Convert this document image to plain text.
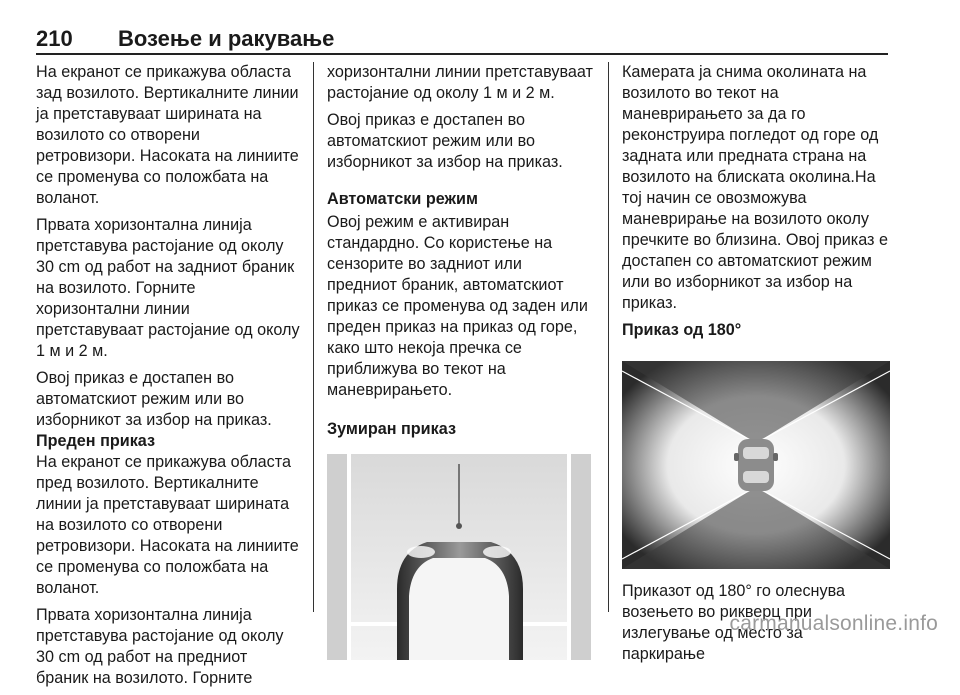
210 Возење и ракување

На екранот се прикажува областа зад возилото. Вертикалните линии ја претставуваат ширината на возилото со отворени ретровизори. Насоката на линиите се променува со положбата на воланот.

Првата хоризонтална линија претставува растојание од околу 30 cm од работ на задниот браник на возилото. Горните хоризонтални линии претставуваат растојание од околу 1 м и 2 м.

Овој приказ е достапен во автоматскиот режим или во изборникот за избор на приказ.

Преден приказ

На екранот се прикажува областа пред возилото. Вертикалните линии ја претставуваат ширината на возилото со отворени ретровизори. Насоката на линиите се променува со положбата на воланот.

Првата хоризонтална линија претставува растојание од околу 30 cm од работ на предниот браник на возилото. Горните

хоризонтални линии претставуваат растојание од околу 1 м и 2 м.

Овој приказ е достапен во автоматскиот режим или во изборникот за избор на приказ.

Автоматски режим

Овој режим е активиран стандардно. Со користење на сензорите во задниот или предниот браник, автоматскиот приказ се променува од заден или преден приказ на приказ од горе, како што некоја пречка се приближува во текот на маневрирањето.

Зумиран приказ

Камерата ја снима околината на возилото во текот на маневрирањето за да го реконструира погледот од горе од задната или предната страна на возилото на блиската околина.На тој начин се овозможува маневрирање на возилото околу пречките во близина. Овој приказ е достапен со автоматскиот режим или во изборникот за избор на приказ.

Приказ од 180°

Приказот од 180° го олеснува возењето во рикверц при излегување од место за паркирање

carmanualsonline.info
